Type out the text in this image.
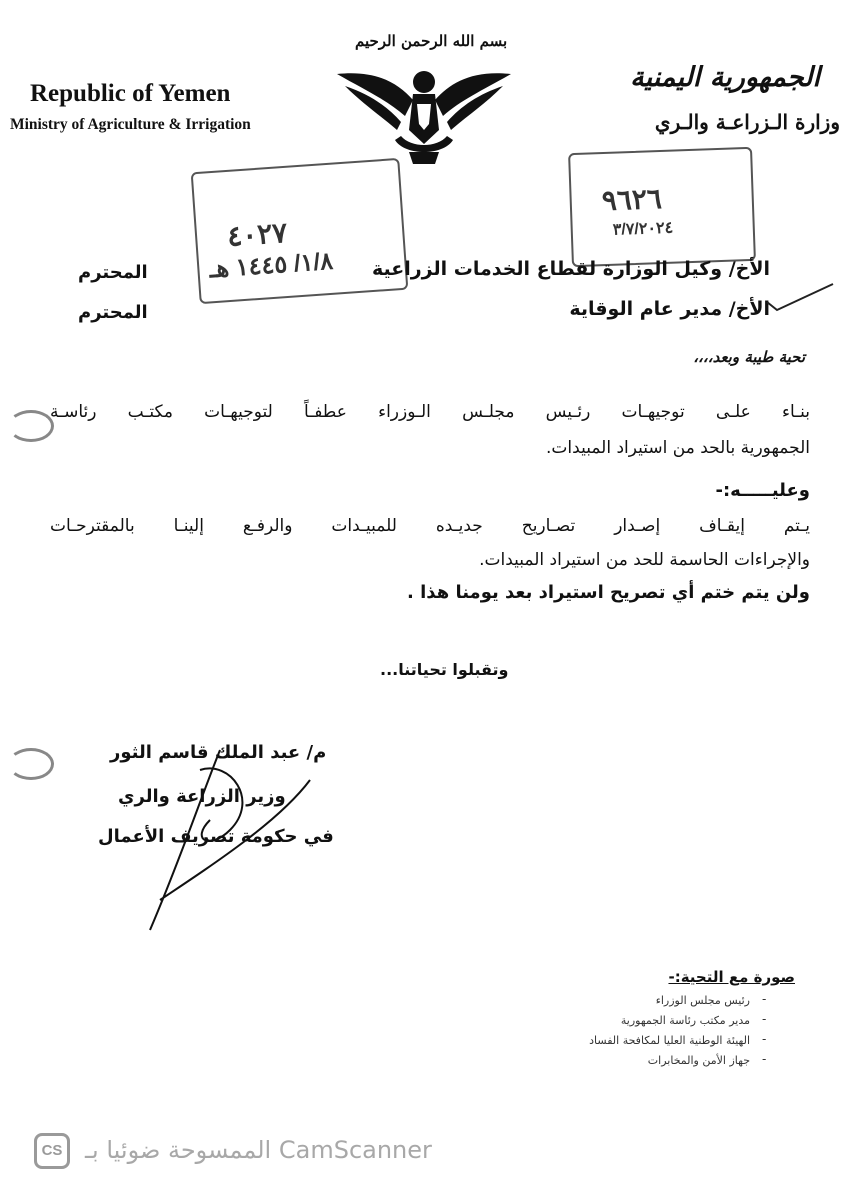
Republic of Yemen
Ministry of Agriculture & Irrigation
الجمهورية اليمنية
وزارة الـزراعـة والـري
بسم الله الرحمن الرحيم
٤٠٢٧
١/٨/ ١٤٤٥ هـ
٩٦٢٦
٣/٧/٢٠٢٤
الأخ/ وكيل الوزارة لقطاع الخدمات الزراعية
المحترم
الأخ/ مدير عام الوقاية
المحترم
تحية طيبة وبعد،،،،
بنـاء علـى توجيهـات رئـيس مجلـس الـوزراء عطفـاً لتوجيهـات مكتـب رئاسـة
الجمهورية بالحد من استيراد المبيدات.
وعليـــــه:-
يـتم إيقـاف إصـدار تصـاريح جديـده للمبيـدات والرفـع إلينـا بالمقترحـات
والإجراءات الحاسمة للحد من استيراد المبيدات.
ولن يتم ختم أي تصريح استيراد بعد يومنا هذا .
وتقبلوا تحياتنا...
م/ عبد الملك قاسم الثور
وزير الزراعة والري
في حكومة تصريف الأعمال
صورة مع التحية:-
رئيس مجلس الوزراء
مدير مكتب رئاسة الجمهورية
الهيئة الوطنية العليا لمكافحة الفساد
جهاز الأمن والمخابرات
-
-
-
-
CS الممسوحة ضوئيا بـ CamScanner
